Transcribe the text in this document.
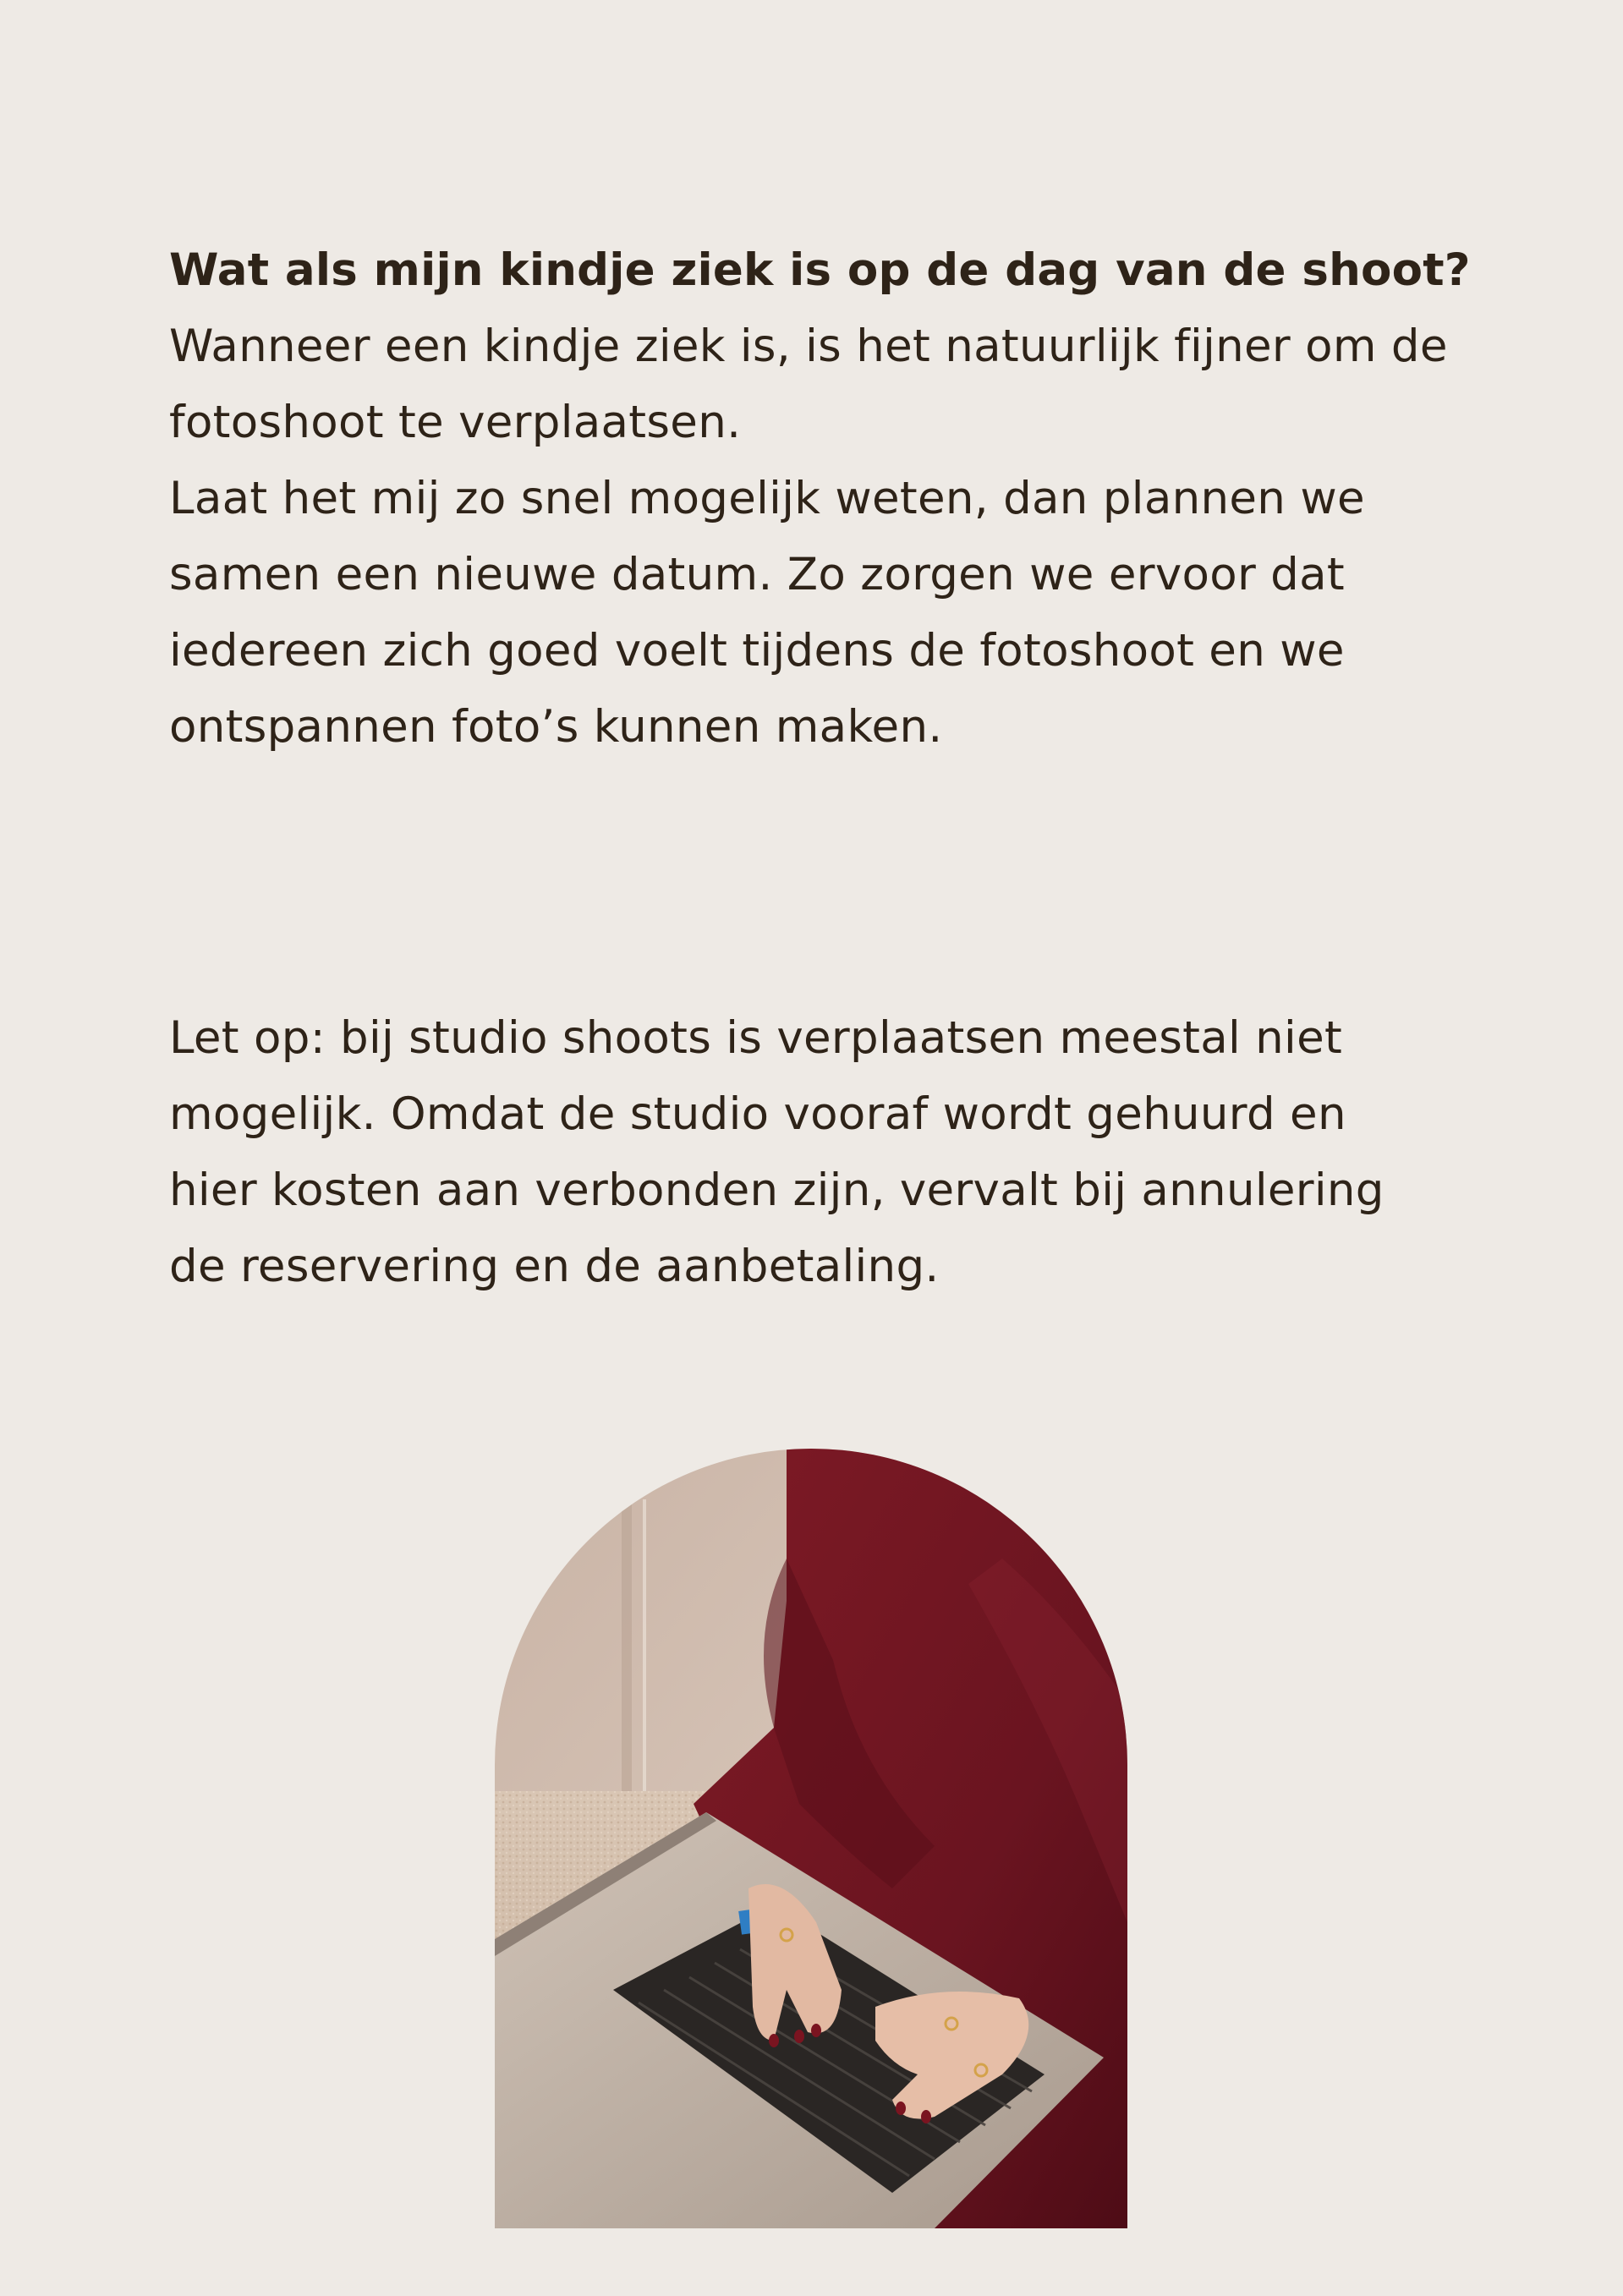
Wat als mijn kindje ziek is op de dag van de shoot?

Wanneer een kindje ziek is, is het natuurlijk fijner om de
fotoshoot te verplaatsen.
Laat het mij zo snel mogelijk weten, dan plannen we
samen een nieuwe datum. Zo zorgen we ervoor dat
iedereen zich goed voelt tijdens de fotoshoot en we
ontspannen foto’s kunnen maken.

Let op: bij studio shoots is verplaatsen meestal niet
mogelijk. Omdat de studio vooraf wordt gehuurd en
hier kosten aan verbonden zijn, vervalt bij annulering
de reservering en de aanbetaling.
